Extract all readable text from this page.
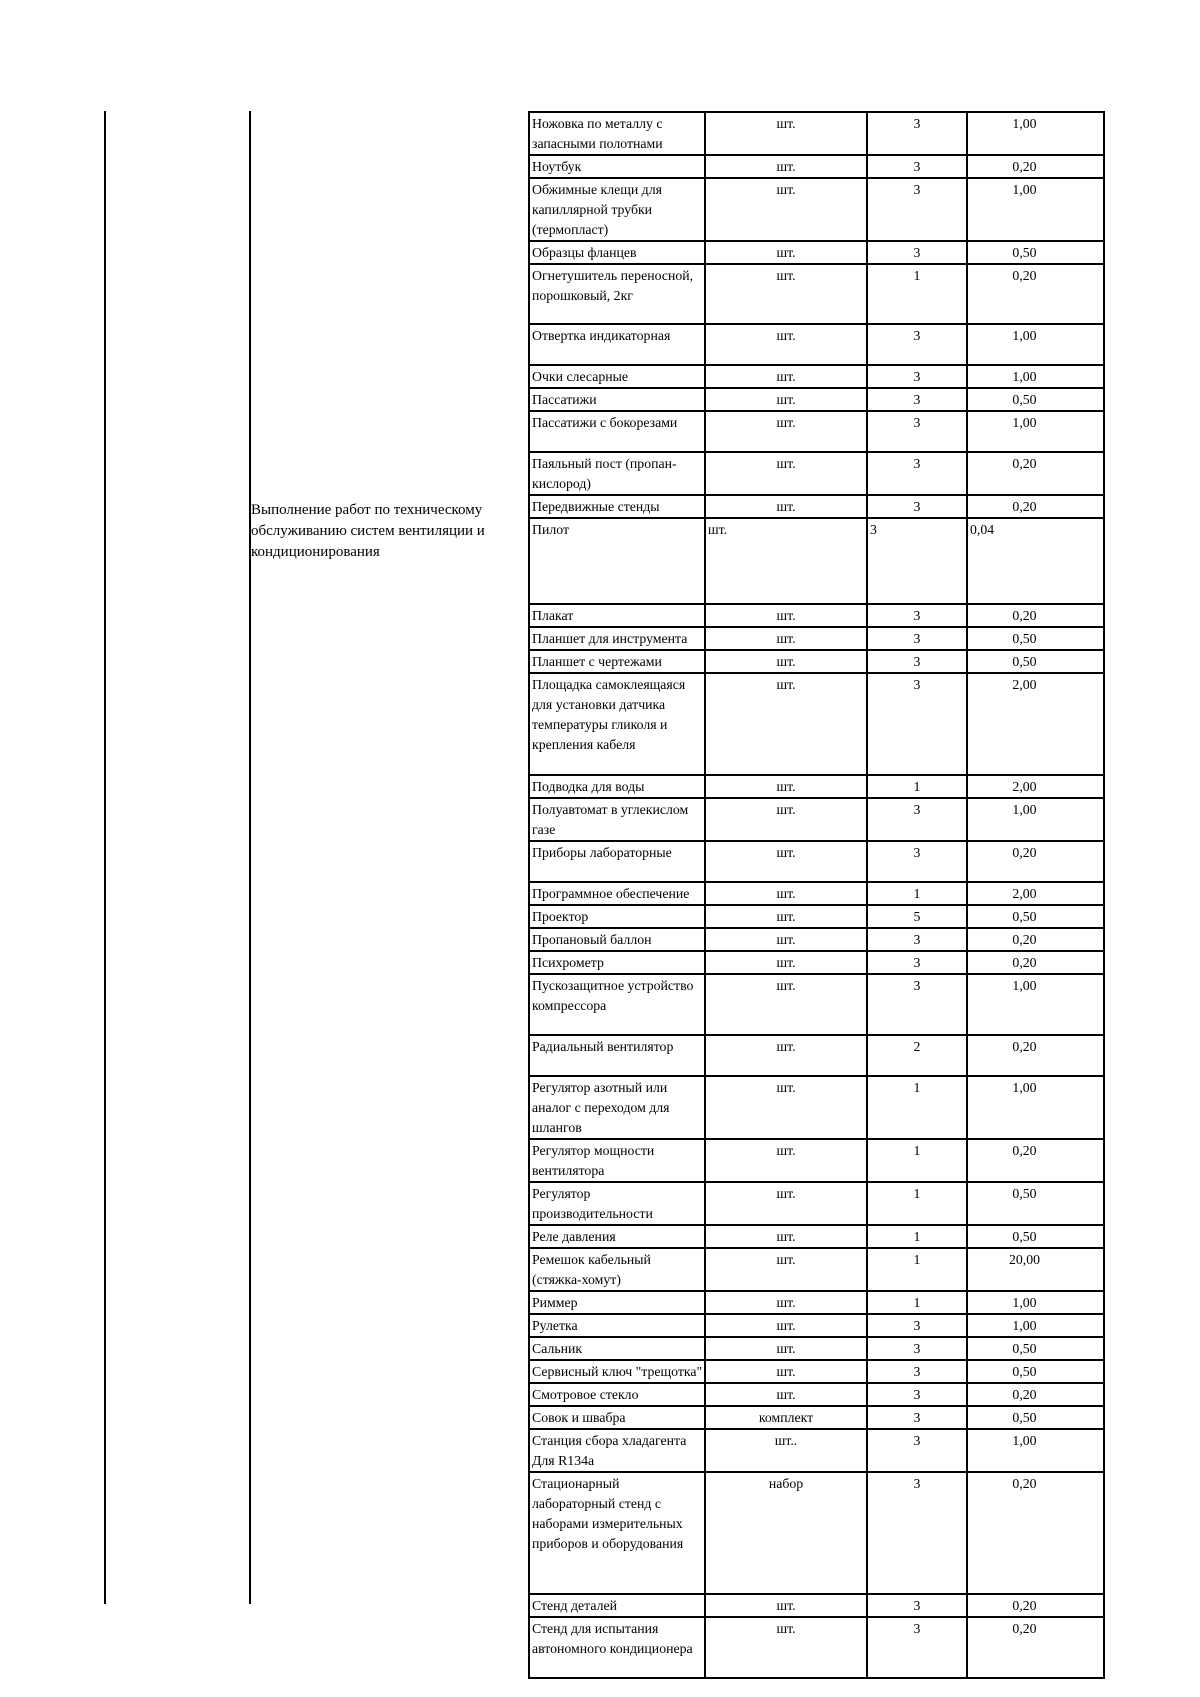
Выполнение работ по техническому обслуживанию систем вентиляции и кондиционирования
Ножовка по металлу с запасными полотнами	шт.	3	1,00
Ноутбук	шт.	3	0,20
Обжимные клещи для капиллярной трубки (термопласт)	шт.	3	1,00
Образцы фланцев	шт.	3	0,50
Огнетушитель переносной, порошковый, 2кг	шт.	1	0,20
Отвертка индикаторная	шт.	3	1,00
Очки слесарные	шт.	3	1,00
Пассатижи	шт.	3	0,50
Пассатижи с бокорезами	шт.	3	1,00
Паяльный пост (пропан-кислород)	шт.	3	0,20
Передвижные стенды	шт.	3	0,20
Пилот	шт.	3	0,04
Плакат	шт.	3	0,20
Планшет для инструмента	шт.	3	0,50
Планшет с чертежами	шт.	3	0,50
Площадка самоклеящаяся для установки датчика температуры гликоля и крепления кабеля	шт.	3	2,00
Подводка для воды	шт.	1	2,00
Полуавтомат в углекислом газе	шт.	3	1,00
Приборы лабораторные	шт.	3	0,20
Программное обеспечение	шт.	1	2,00
Проектор	шт.	5	0,50
Пропановый баллон	шт.	3	0,20
Психрометр	шт.	3	0,20
Пускозащитное устройство компрессора	шт.	3	1,00
Радиальный вентилятор	шт.	2	0,20
Регулятор азотный или аналог с переходом для шлангов	шт.	1	1,00
Регулятор мощности вентилятора	шт.	1	0,20
Регулятор производительности	шт.	1	0,50
Реле давления	шт.	1	0,50
Ремешок кабельный (стяжка-хомут)	шт.	1	20,00
Риммер	шт.	1	1,00
Рулетка	шт.	3	1,00
Сальник	шт.	3	0,50
Сервисный ключ "трещотка"	шт.	3	0,50
Смотровое стекло	шт.	3	0,20
Совок и швабра	комплект	3	0,50
Станция сбора хладагента Для R134a	шт..	3	1,00
Стационарный лабораторный стенд с наборами измерительных приборов и оборудования	набор	3	0,20
Стенд деталей	шт.	3	0,20
Стенд для испытания автономного кондиционера	шт.	3	0,20
